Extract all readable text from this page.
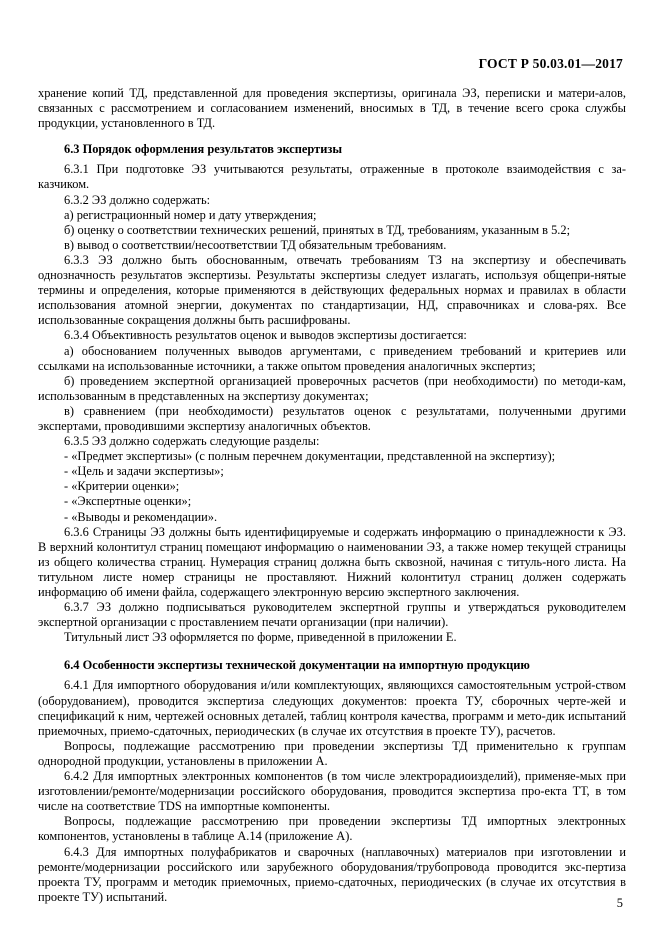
ГОСТ Р 50.03.01—2017

хранение копий ТД, представленной для проведения экспертизы, оригинала ЭЗ, переписки и матери-алов, связанных с рассмотрением и согласованием изменений, вносимых в ТД, в течение всего срока службы продукции, установленного в ТД.

6.3 Порядок оформления результатов экспертизы

6.3.1 При подготовке ЭЗ учитываются результаты, отраженные в протоколе взаимодействия с за-казчиком.

6.3.2 ЭЗ должно содержать:

а) регистрационный номер и дату утверждения;

б) оценку о соответствии технических решений, принятых в ТД, требованиям, указанным в 5.2;

в) вывод о соответствии/несоответствии ТД обязательным требованиям.

6.3.3 ЭЗ должно быть обоснованным, отвечать требованиям ТЗ на экспертизу и обеспечивать однозначность результатов экспертизы. Результаты экспертизы следует излагать, используя общепри-нятые термины и определения, которые применяются в действующих федеральных нормах и правилах в области использования атомной энергии, документах по стандартизации, НД, справочниках и слова-рях. Все использованные сокращения должны быть расшифрованы.

6.3.4 Объективность результатов оценок и выводов экспертизы достигается:

а) обоснованием полученных выводов аргументами, с приведением требований и критериев или ссылками на использованные источники, а также опытом проведения аналогичных экспертиз;

б) проведением экспертной организацией проверочных расчетов (при необходимости) по методи-кам, использованным в представленных на экспертизу документах;

в) сравнением (при необходимости) результатов оценок с результатами, полученными другими экспертами, проводившими экспертизу аналогичных объектов.

6.3.5 ЭЗ должно содержать следующие разделы:

- «Предмет экспертизы» (с полным перечнем документации, представленной на экспертизу);

- «Цель и задачи экспертизы»;

- «Критерии оценки»;

- «Экспертные оценки»;

- «Выводы и рекомендации».

6.3.6 Страницы ЭЗ должны быть идентифицируемые и содержать информацию о принадлежности к ЭЗ. В верхний колонтитул страниц помещают информацию о наименовании ЭЗ, а также номер текущей страницы из общего количества страниц. Нумерация страниц должна быть сквозной, начиная с титуль-ного листа. На титульном листе номер страницы не проставляют. Нижний колонтитул страниц должен содержать информацию об имени файла, содержащего электронную версию экспертного заключения.

6.3.7 ЭЗ должно подписываться руководителем экспертной группы и утверждаться руководителем экспертной организации с проставлением печати организации (при наличии).

Титульный лист ЭЗ оформляется по форме, приведенной в приложении Е.

6.4 Особенности экспертизы технической документации на импортную продукцию

6.4.1 Для импортного оборудования и/или комплектующих, являющихся самостоятельным устрой-ством (оборудованием), проводится экспертиза следующих документов: проекта ТУ, сборочных черте-жей и спецификаций к ним, чертежей основных деталей, таблиц контроля качества, программ и мето-дик испытаний приемочных, приемо-сдаточных, периодических (в случае их отсутствия в проекте ТУ), расчетов.

Вопросы, подлежащие рассмотрению при проведении экспертизы ТД применительно к группам однородной продукции, установлены в приложении А.

6.4.2 Для импортных электронных компонентов (в том числе электрорадиоизделий), применяе-мых при изготовлении/ремонте/модернизации российского оборудования, проводится экспертиза про-екта ТТ, в том числе на соответствие TDS на импортные компоненты.

Вопросы, подлежащие рассмотрению при проведении экспертизы ТД импортных электронных компонентов, установлены в таблице А.14 (приложение А).

6.4.3 Для импортных полуфабрикатов и сварочных (наплавочных) материалов при изготовлении и ремонте/модернизации российского или зарубежного оборудования/трубопровода проводится экс-пертиза проекта ТУ, программ и методик приемочных, приемо-сдаточных, периодических (в случае их отсутствия в проекте ТУ) испытаний.	5
